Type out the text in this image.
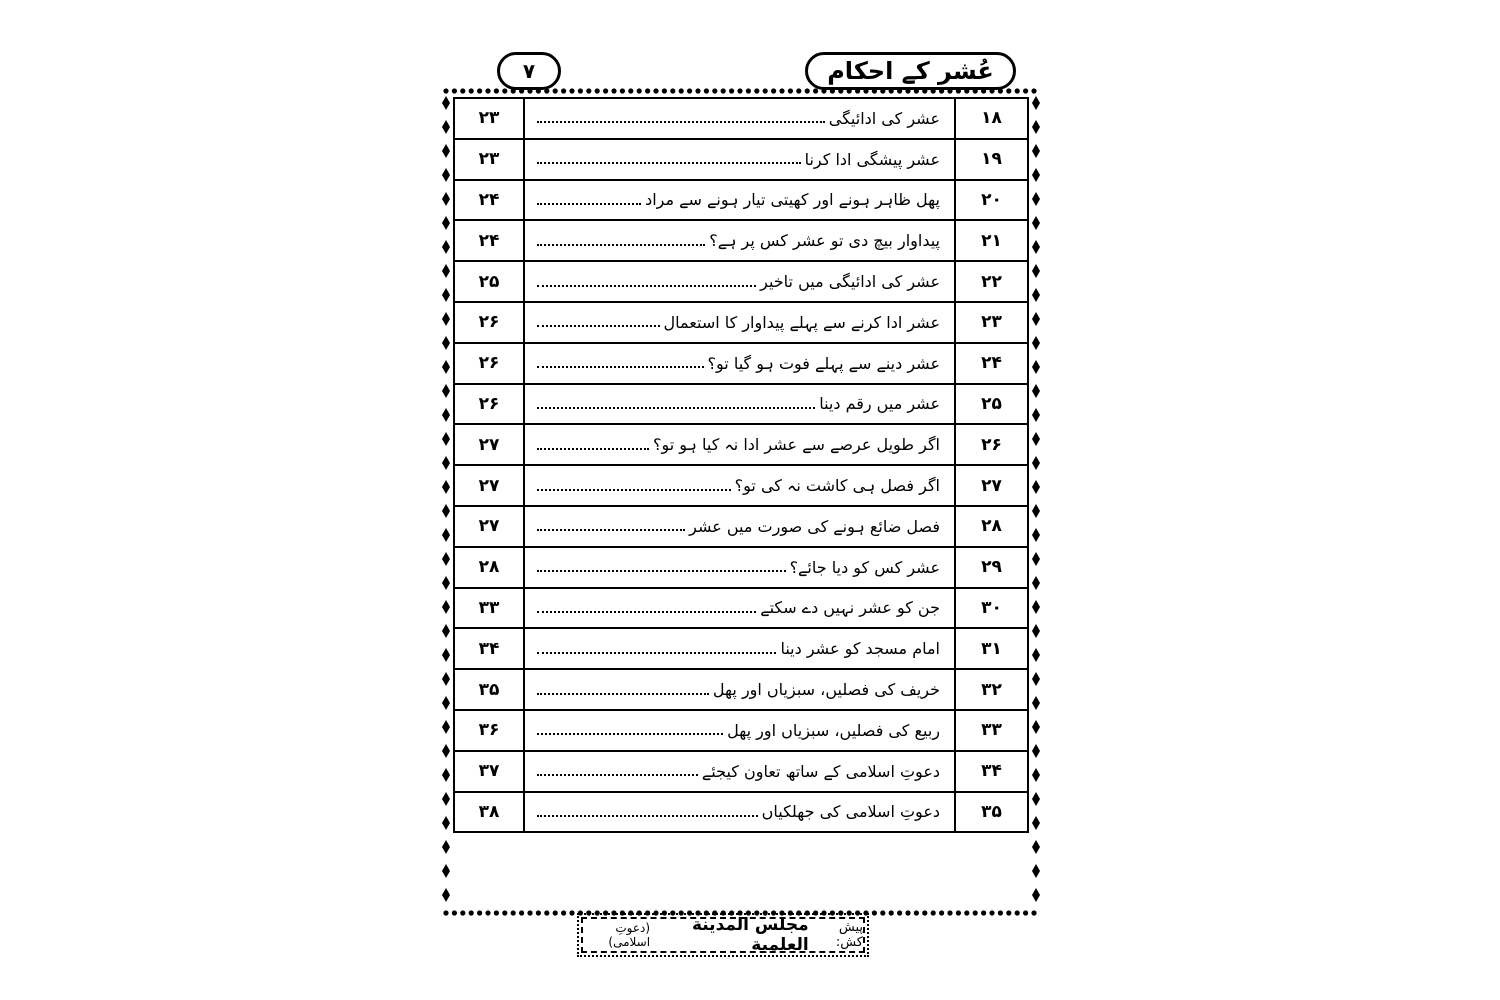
۷	عُشر کے احکام
۱۸	عشر کی ادائیگی	۲۳
۱۹	عشر پیشگی ادا کرنا	۲۳
۲۰	پھل ظاہر ہونے اور کھیتی تیار ہونے سے مراد	۲۴
۲۱	پیداوار بیچ دی تو عشر کس پر ہے؟	۲۴
۲۲	عشر کی ادائیگی میں تاخیر	۲۵
۲۳	عشر ادا کرنے سے پہلے پیداوار کا استعمال	۲۶
۲۴	عشر دینے سے پہلے فوت ہو گیا تو؟	۲۶
۲۵	عشر میں رقم دینا	۲۶
۲۶	اگر طویل عرصے سے عشر ادا نہ کیا ہو تو؟	۲۷
۲۷	اگر فصل ہی کاشت نہ کی تو؟	۲۷
۲۸	فصل ضائع ہونے کی صورت میں عشر	۲۷
۲۹	عشر کس کو دیا جائے؟	۲۸
۳۰	جن کو عشر نہیں دے سکتے	۳۳
۳۱	امام مسجد کو عشر دینا	۳۴
۳۲	خریف کی فصلیں، سبزیاں اور پھل	۳۵
۳۳	ربیع کی فصلیں، سبزیاں اور پھل	۳۶
۳۴	دعوتِ اسلامی کے ساتھ تعاون کیجئے	۳۷
۳۵	دعوتِ اسلامی کی جھلکیاں	۳۸
پیش کش:
مجلس المدينة العلمية
(دعوتِ اسلامی)
